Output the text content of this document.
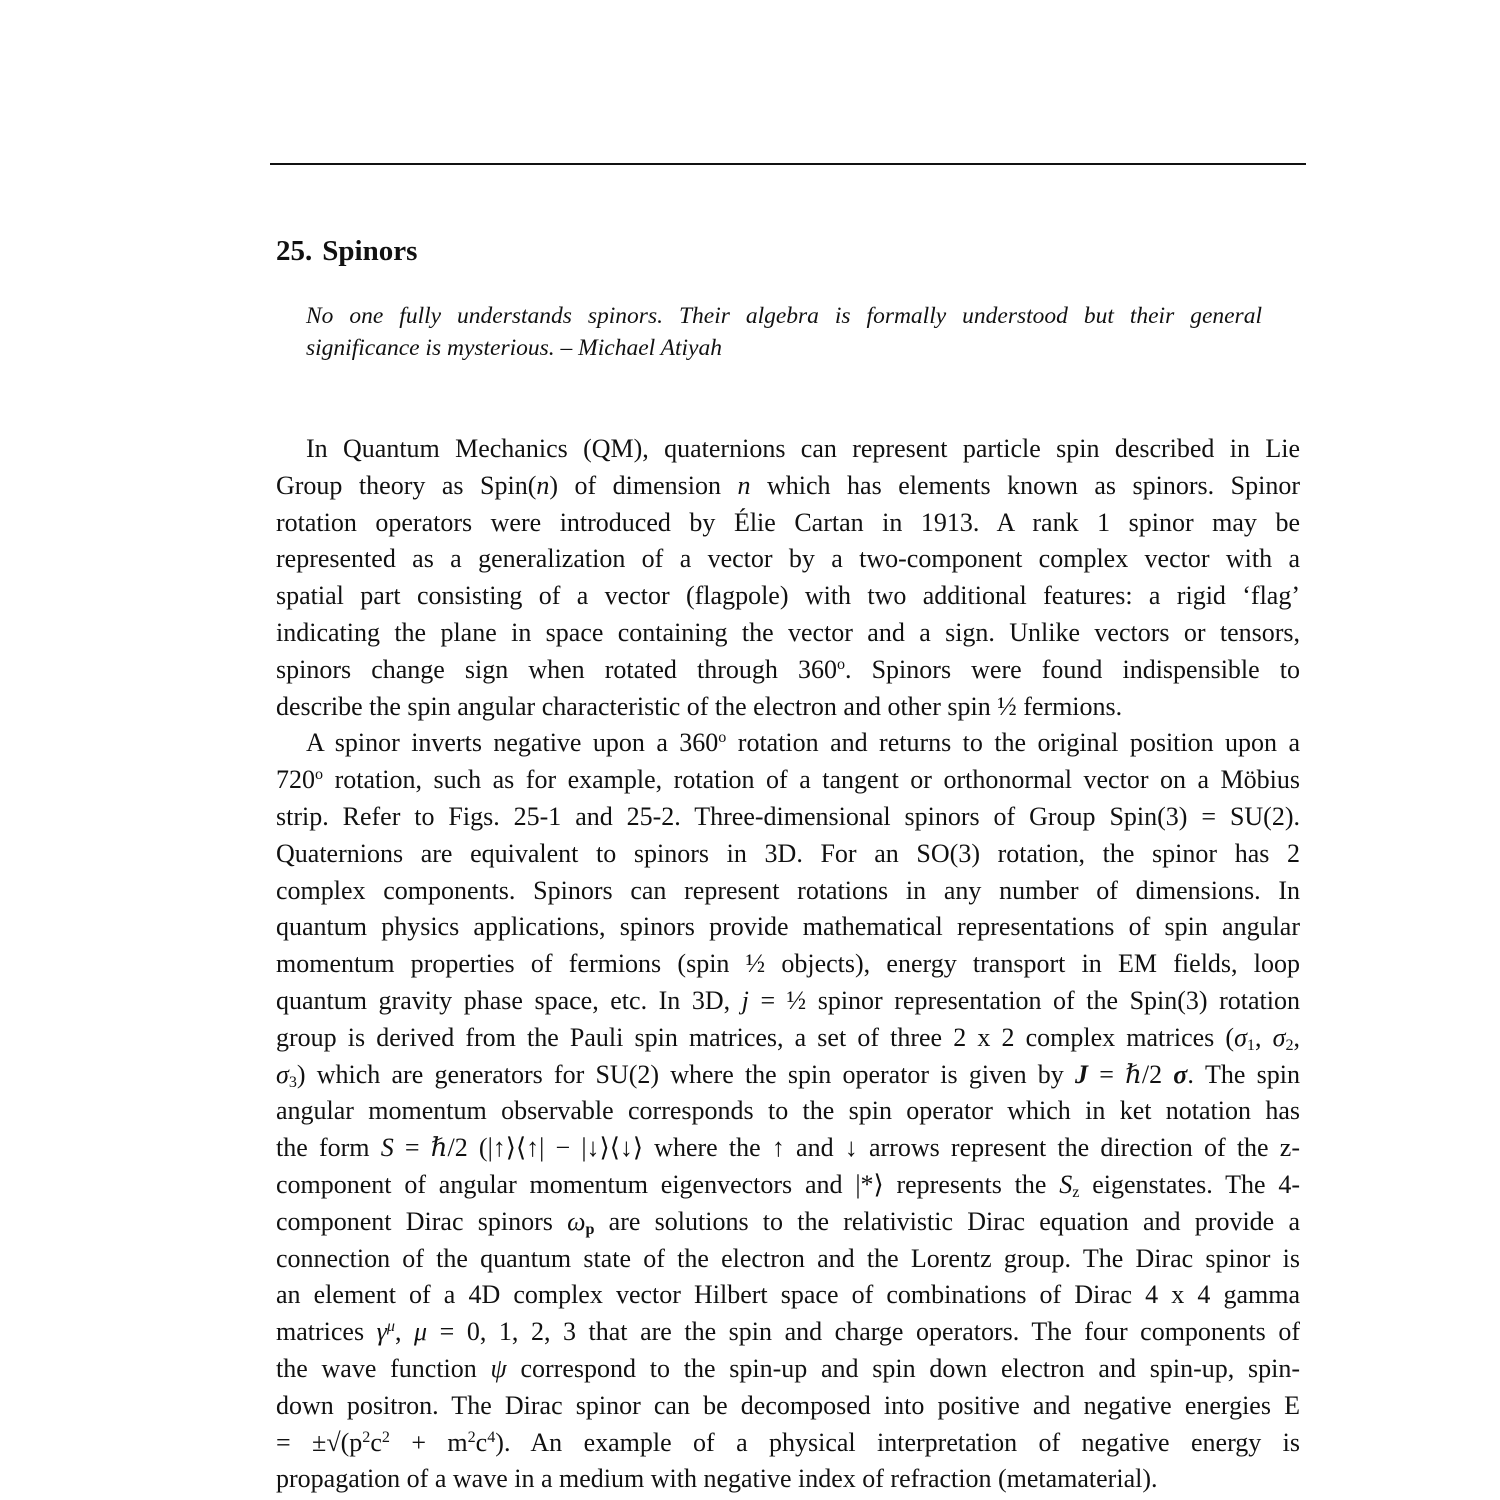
25. Spinors
No one fully understands spinors. Their algebra is formally understood but their general
significance is mysterious. – Michael Atiyah
In Quantum Mechanics (QM), quaternions can represent particle spin described in Lie
Group theory as Spin(n) of dimension n which has elements known as spinors. Spinor
rotation operators were introduced by Élie Cartan in 1913. A rank 1 spinor may be
represented as a generalization of a vector by a two-component complex vector with a
spatial part consisting of a vector (flagpole) with two additional features: a rigid ‘flag’
indicating the plane in space containing the vector and a sign. Unlike vectors or tensors,
spinors change sign when rotated through 360$^o$. Spinors were found indispensible to
describe the spin angular characteristic of the electron and other spin ½ fermions.
A spinor inverts negative upon a 360$^o$ rotation and returns to the original position upon a
720$^o$ rotation, such as for example, rotation of a tangent or orthonormal vector on a Möbius
strip. Refer to Figs. 25-1 and 25-2. Three-dimensional spinors of Group Spin(3) = SU(2).
Quaternions are equivalent to spinors in 3D. For an SO(3) rotation, the spinor has 2
complex components. Spinors can represent rotations in any number of dimensions. In
quantum physics applications, spinors provide mathematical representations of spin angular
momentum properties of fermions (spin ½ objects), energy transport in EM fields, loop
quantum gravity phase space, etc. In 3D, j = ½ spinor representation of the Spin(3) rotation
group is derived from the Pauli spin matrices, a set of three 2 x 2 complex matrices ($\sigma_1$, $\sigma_2$,
$\sigma_3$) which are generators for SU(2) where the spin operator is given by J = ℏ/2 σ. The spin
angular momentum observable corresponds to the spin operator which in ket notation has
the form S = ℏ/2 (|↑⟩⟨↑| − |↓⟩⟨↓⟩ where the ↑ and ↓ arrows represent the direction of the z-
component of angular momentum eigenvectors and |*⟩ represents the $S_z$ eigenstates. The 4-
component Dirac spinors $\omega_p$ are solutions to the relativistic Dirac equation and provide a
connection of the quantum state of the electron and the Lorentz group. The Dirac spinor is
an element of a 4D complex vector Hilbert space of combinations of Dirac 4 x 4 gamma
matrices $\gamma^\mu$, μ = 0, 1, 2, 3 that are the spin and charge operators. The four components of
the wave function ψ correspond to the spin-up and spin down electron and spin-up, spin-
down positron. The Dirac spinor can be decomposed into positive and negative energies E
= $\pm√(p^2c^2 + m^2c^4)$. An example of a physical interpretation of negative energy is
propagation of a wave in a medium with negative index of refraction (metamaterial).
